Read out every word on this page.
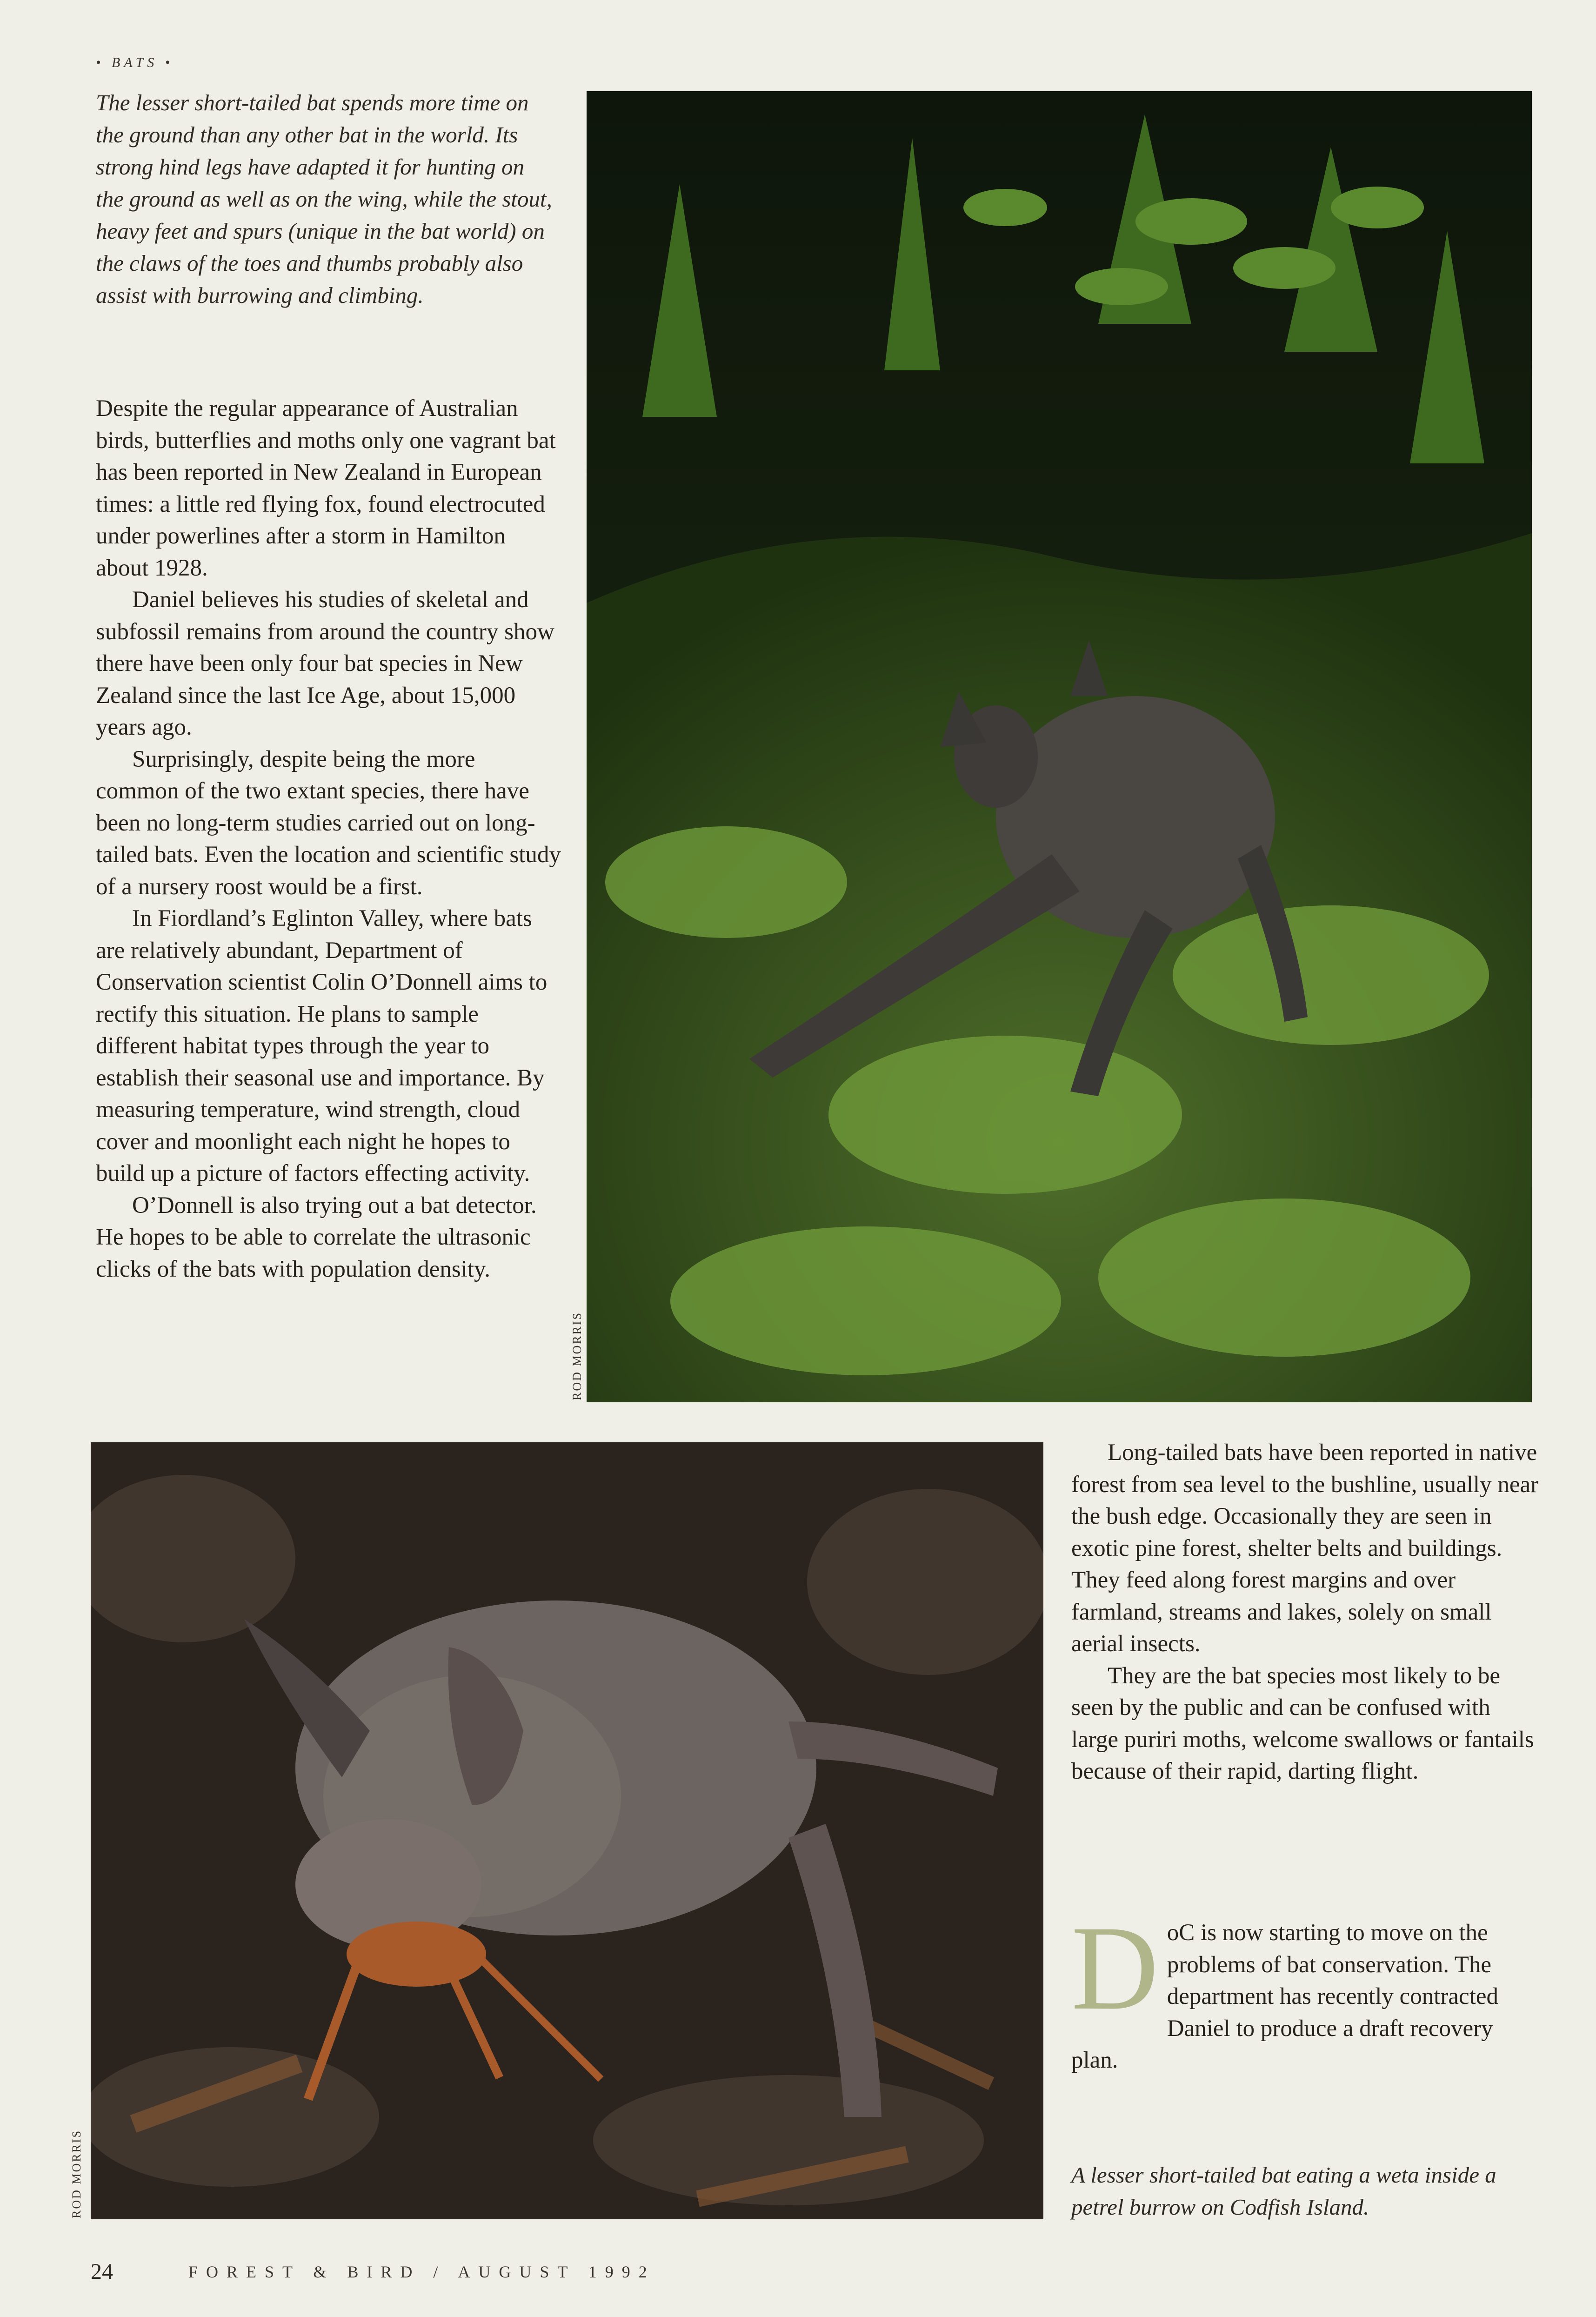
• BATS •
The lesser short-tailed bat spends more time on the ground than any other bat in the world. Its strong hind legs have adapted it for hunting on the ground as well as on the wing, while the stout, heavy feet and spurs (unique in the bat world) on the claws of the toes and thumbs probably also assist with burrowing and climbing.

Despite the regular appearance of Australian birds, butterflies and moths only one vagrant bat has been reported in New Zealand in European times: a little red flying fox, found electrocuted under powerlines after a storm in Hamilton about 1928.

Daniel believes his studies of skeletal and subfossil remains from around the country show there have been only four bat species in New Zealand since the last Ice Age, about 15,000 years ago.

Surprisingly, despite being the more common of the two extant species, there have been no long-term studies carried out on long-tailed bats. Even the location and scientific study of a nursery roost would be a first.

In Fiordland’s Eglinton Valley, where bats are relatively abundant, Department of Conservation scientist Colin O’Donnell aims to rectify this situation. He plans to sample different habitat types through the year to establish their seasonal use and importance. By measuring temperature, wind strength, cloud cover and moonlight each night he hopes to build up a picture of factors effecting activity.

O’Donnell is also trying out a bat detector. He hopes to be able to correlate the ultrasonic clicks of the bats with population density.

ROD MORRIS
ROD MORRIS

Long-tailed bats have been reported in native forest from sea level to the bushline, usually near the bush edge. Occasionally they are seen in exotic pine forest, shelter belts and buildings. They feed along forest margins and over farmland, streams and lakes, solely on small aerial insects.

They are the bat species most likely to be seen by the public and can be confused with large puriri moths, welcome swallows or fantails because of their rapid, darting flight.

D oC is now starting to move on the problems of bat conservation. The department has recently contracted Daniel to produce a draft recovery plan.
A lesser short-tailed bat eating a weta inside a petrel burrow on Codfish Island.
24	FOREST & BIRD / AUGUST 1992
